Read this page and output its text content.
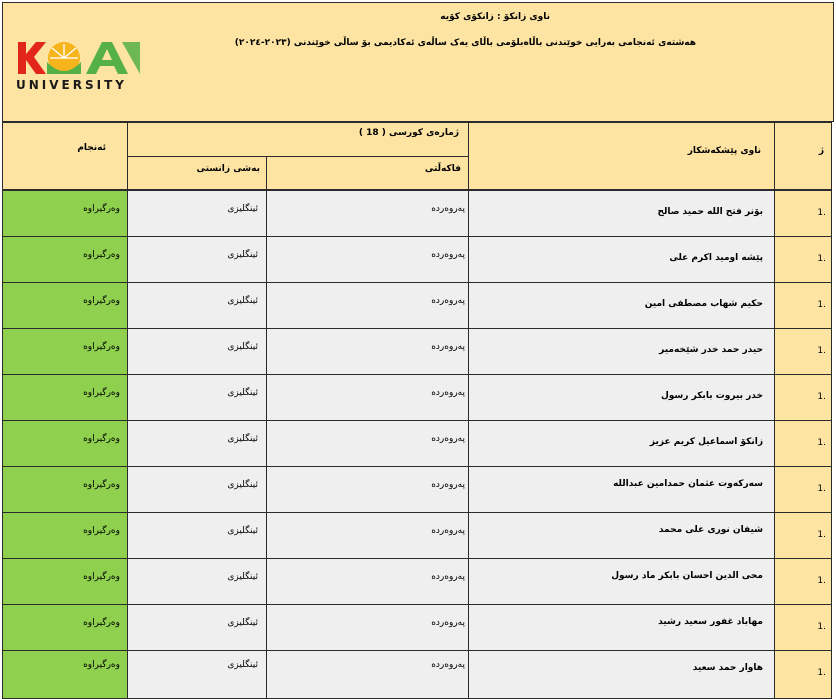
ناوی زانکۆ : زانکۆی کۆیە
هەشتەی ئەنجامی بەرایی خوێندنی باڵاەبلۆمی باڵای یەک ساڵەی ئەکادیمی بۆ ساڵی خوێندنی (٢٠٢٣-٢٠٢٤)
UNIVERSITY
ژ
ناوی پێشکەشکار
ژمارەی کورسی ( 18 )
فاکەڵتی
بەشی زانستی
ئەنجام
1.
بۆنر فتح الله حمید صالح
پەروەردە
ئینگلیزی
وەرگیراوە
1.
پێشە اومید اکرم علی
پەروەردە
ئینگلیزی
وەرگیراوە
1.
حکیم شهاب مصطفی امین
پەروەردە
ئینگلیزی
وەرگیراوە
1.
حیدر حمد خدر شێخەمیر
پەروەردە
ئینگلیزی
وەرگیراوە
1.
خدر بیروت بابکر رسول
پەروەردە
ئینگلیزی
وەرگیراوە
1.
زانکۆ اسماعیل کریم عزیز
پەروەردە
ئینگلیزی
وەرگیراوە
1.
سەرکەوت عثمان حمدامین عبدالله
پەروەردە
ئینگلیزی
وەرگیراوە
1.
شیفان نوری علی محمد
پەروەردە
ئینگلیزی
وەرگیراوە
1.
محی الدین احسان بابکر ماد رسول
پەروەردە
ئینگلیزی
وەرگیراوە
1.
مهاباد غفور سعید رشید
پەروەردە
ئینگلیزی
وەرگیراوە
1.
هاوار حمد سعید
پەروەردە
ئینگلیزی
وەرگیراوە
